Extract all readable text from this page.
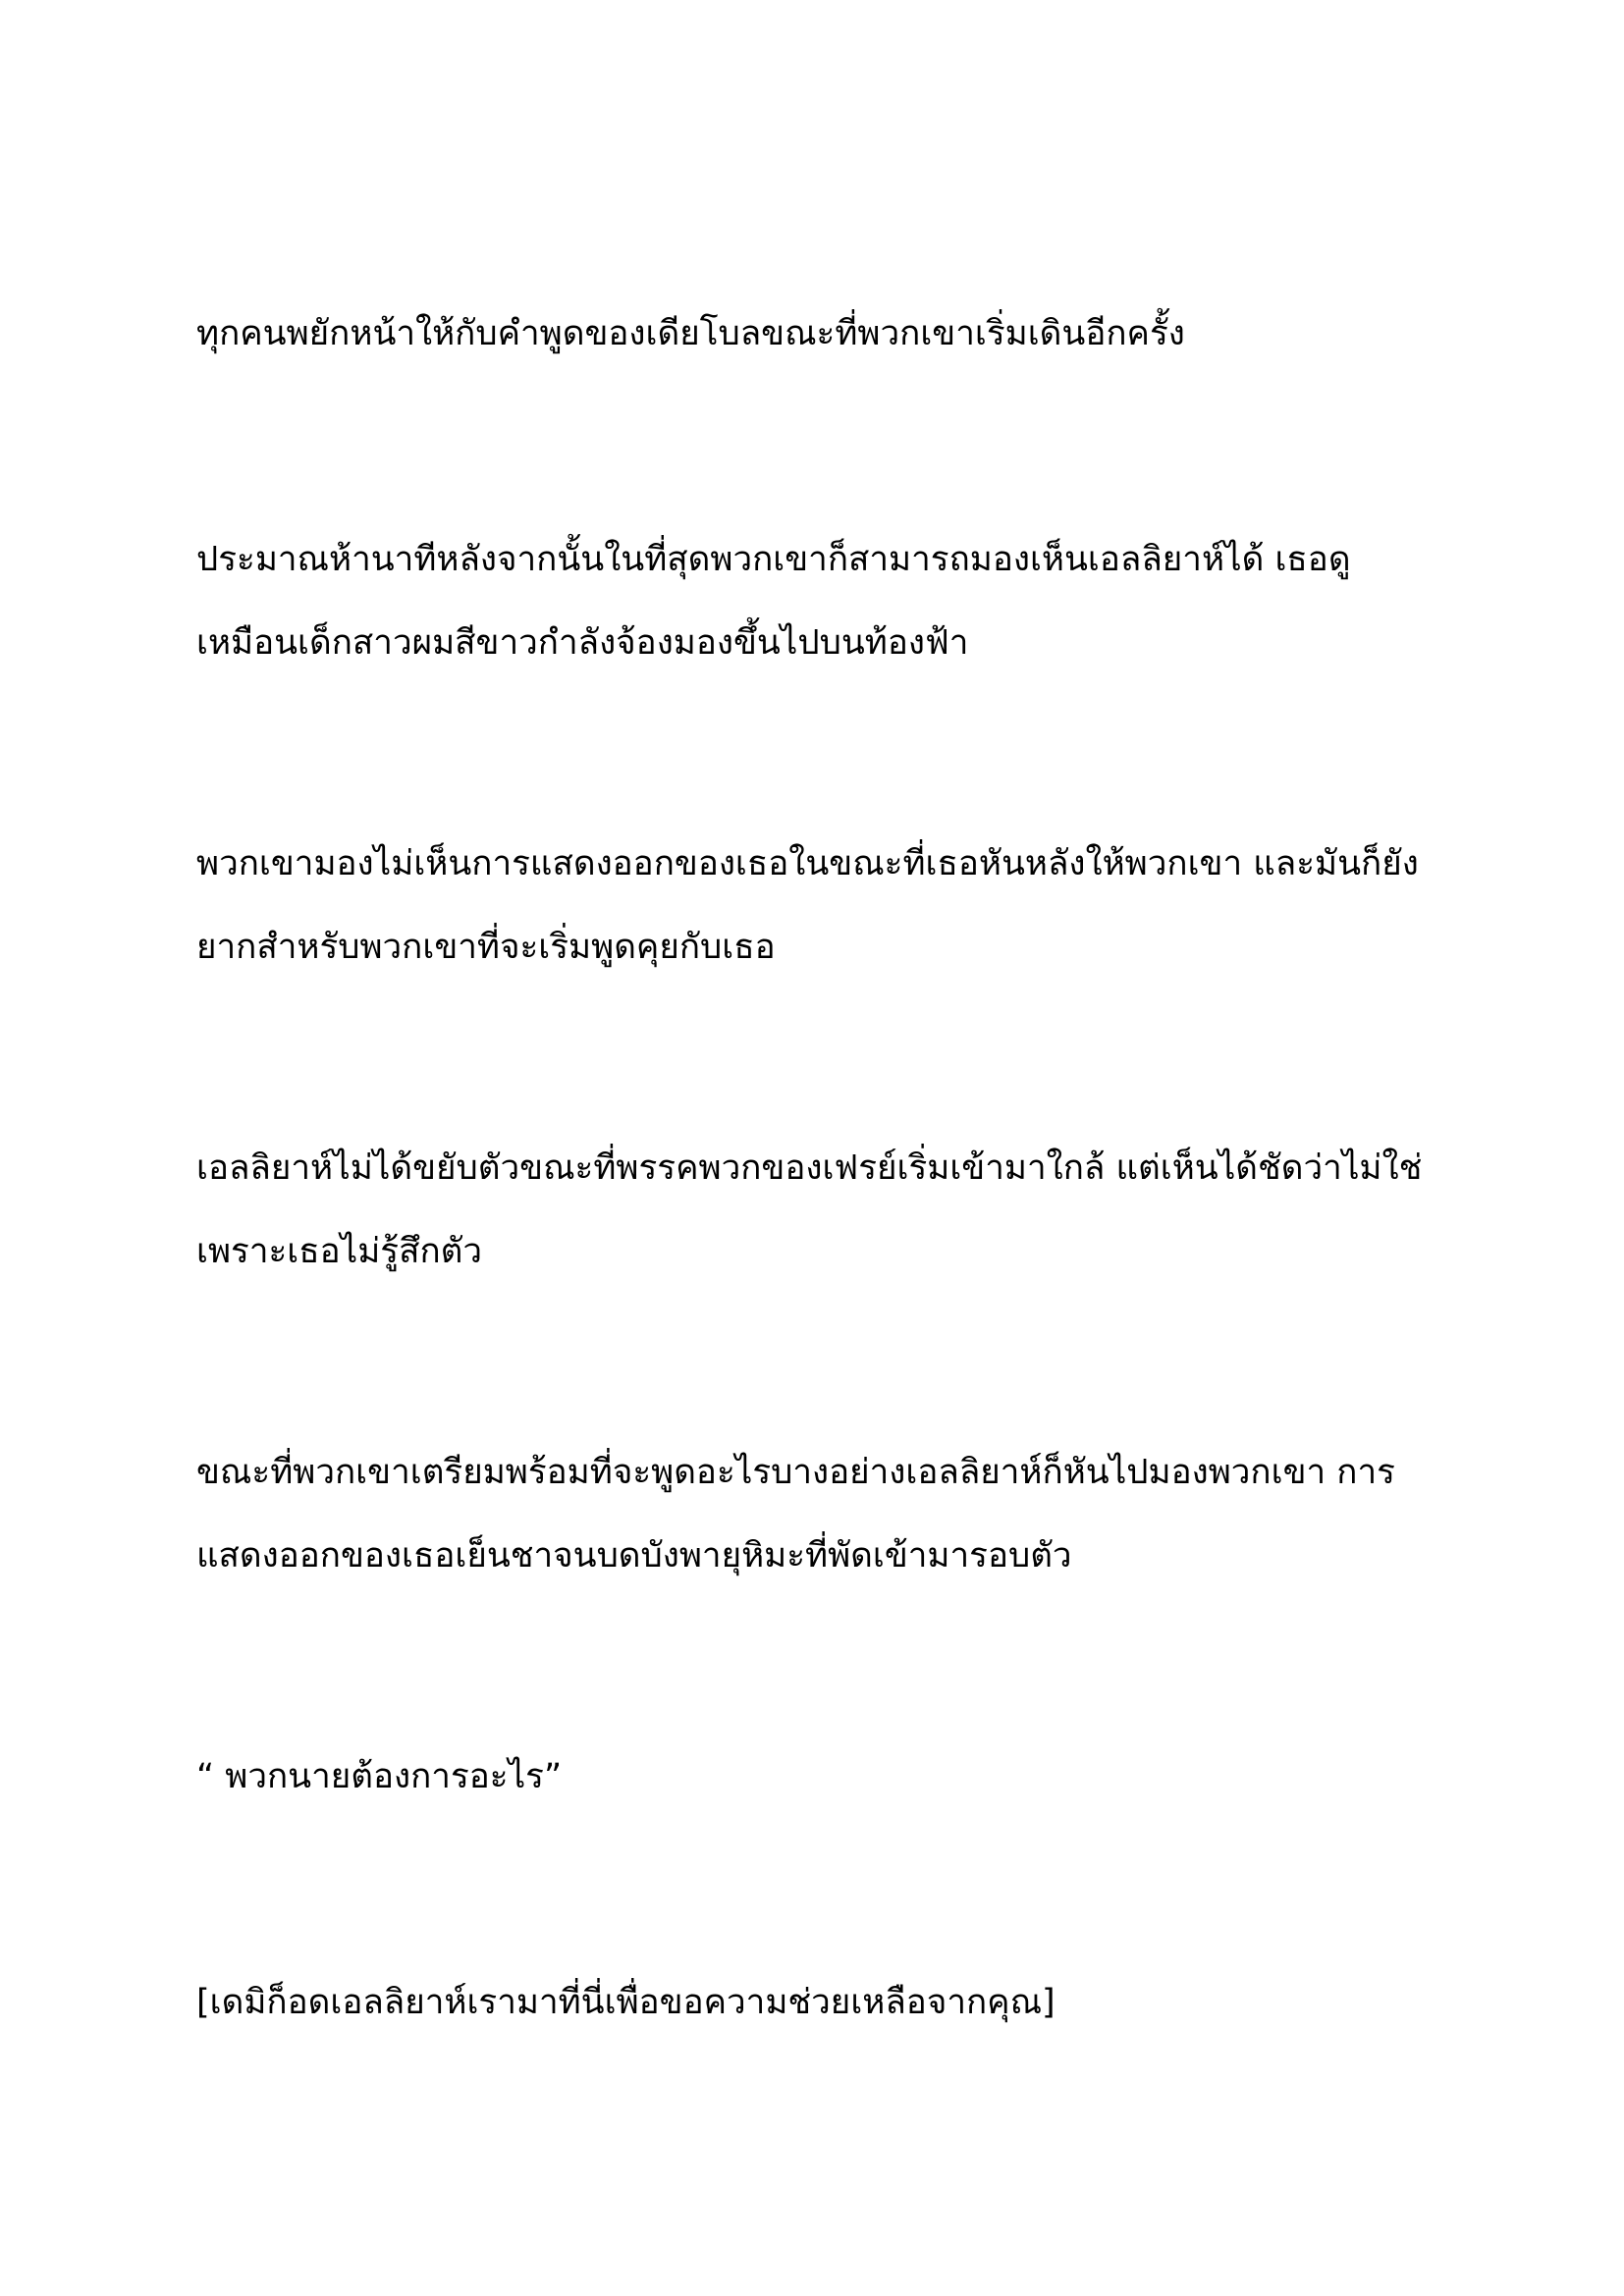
ทุกคนพยักหน้าให้กับคำพูดของเดียโบลขณะที่พวกเขาเริ่มเดินอีกครั้ง
ประมาณห้านาทีหลังจากนั้นในที่สุดพวกเขาก็สามารถมองเห็นเอลลิยาห์ได้ เธอดู
เหมือนเด็กสาวผมสีขาวกำลังจ้องมองขึ้นไปบนท้องฟ้า
พวกเขามองไม่เห็นการแสดงออกของเธอในขณะที่เธอหันหลังให้พวกเขา และมันก็ยัง
ยากสำหรับพวกเขาที่จะเริ่มพูดคุยกับเธอ
เอลลิยาห์ไม่ได้ขยับตัวขณะที่พรรคพวกของเฟรย์เริ่มเข้ามาใกล้ แต่เห็นได้ชัดว่าไม่ใช่
เพราะเธอไม่รู้สึกตัว
ขณะที่พวกเขาเตรียมพร้อมที่จะพูดอะไรบางอย่างเอลลิยาห์ก็หันไปมองพวกเขา การ
แสดงออกของเธอเย็นชาจนบดบังพายุหิมะที่พัดเข้ามารอบตัว
“ พวกนายต้องการอะไร”
[เดมิก็อดเอลลิยาห์เรามาที่นี่เพื่อขอความช่วยเหลือจากคุณ]
